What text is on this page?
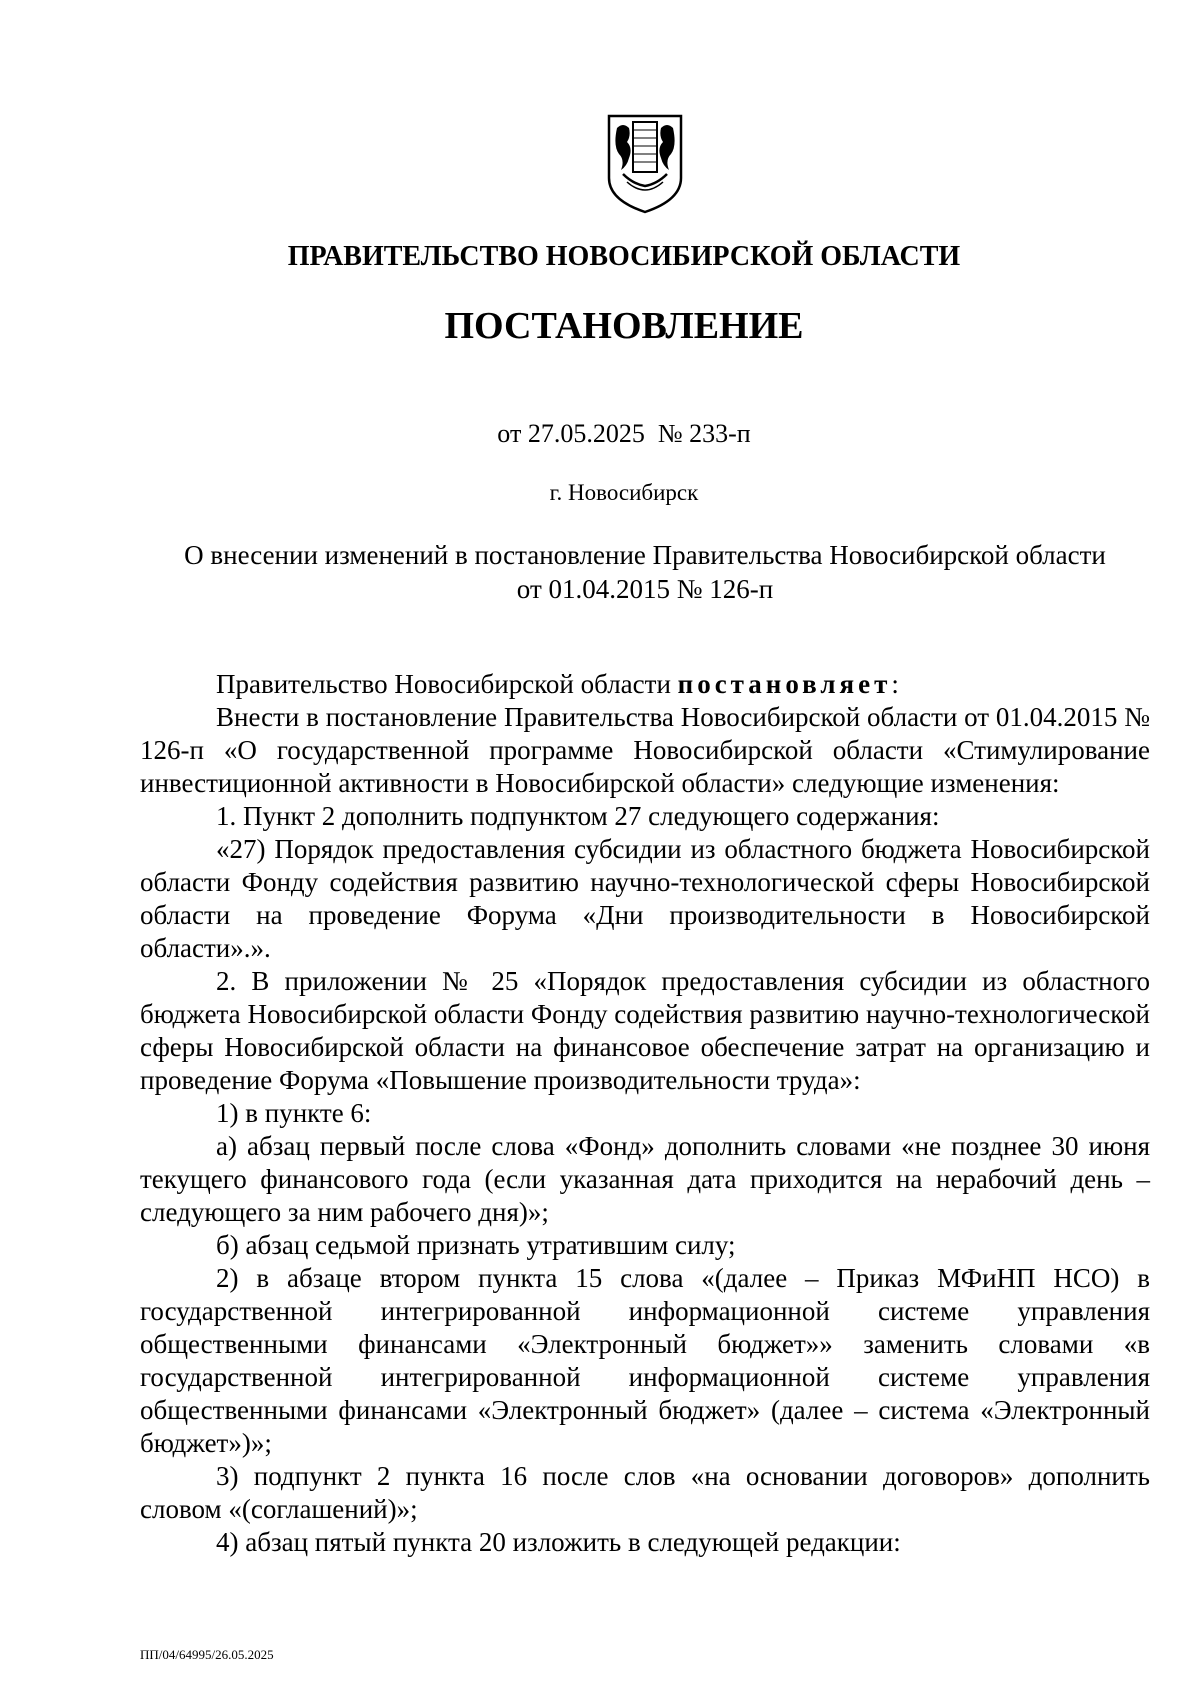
ПРАВИТЕЛЬСТВО НОВОСИБИРСКОЙ ОБЛАСТИ
ПОСТАНОВЛЕНИЕ
от 27.05.2025  № 233-п
г. Новосибирск
О внесении изменений в постановление Правительства Новосибирской области
от 01.04.2015 № 126-п

Правительство Новосибирской области постановляет:

Внести в постановление Правительства Новосибирской области от 01.04.2015 № 126-п «О государственной программе Новосибирской области «Стимулирование инвестиционной активности в Новосибирской области» следующие изменения:

1. Пункт 2 дополнить подпунктом 27 следующего содержания:

«27) Порядок предоставления субсидии из областного бюджета Новосибирской области Фонду содействия развитию научно-технологической сферы Новосибирской области на проведение Форума «Дни производительности в Новосибирской области».».

2. В приложении № 25 «Порядок предоставления субсидии из областного бюджета Новосибирской области Фонду содействия развитию научно-технологической сферы Новосибирской области на финансовое обеспечение затрат на организацию и проведение Форума «Повышение производительности труда»:

1) в пункте 6:

а) абзац первый после слова «Фонд» дополнить словами «не позднее 30 июня текущего финансового года (если указанная дата приходится на нерабочий день – следующего за ним рабочего дня)»;

б) абзац седьмой признать утратившим силу;

2) в абзаце втором пункта 15 слова «(далее – Приказ МФиНП НСО) в государственной интегрированной информационной системе управления общественными финансами «Электронный бюджет»» заменить словами «в государственной интегрированной информационной системе управления общественными финансами «Электронный бюджет» (далее – система «Электронный бюджет»)»;

3) подпункт 2 пункта 16 после слов «на основании договоров» дополнить словом «(соглашений)»;

4) абзац пятый пункта 20 изложить в следующей редакции:

ПП/04/64995/26.05.2025
